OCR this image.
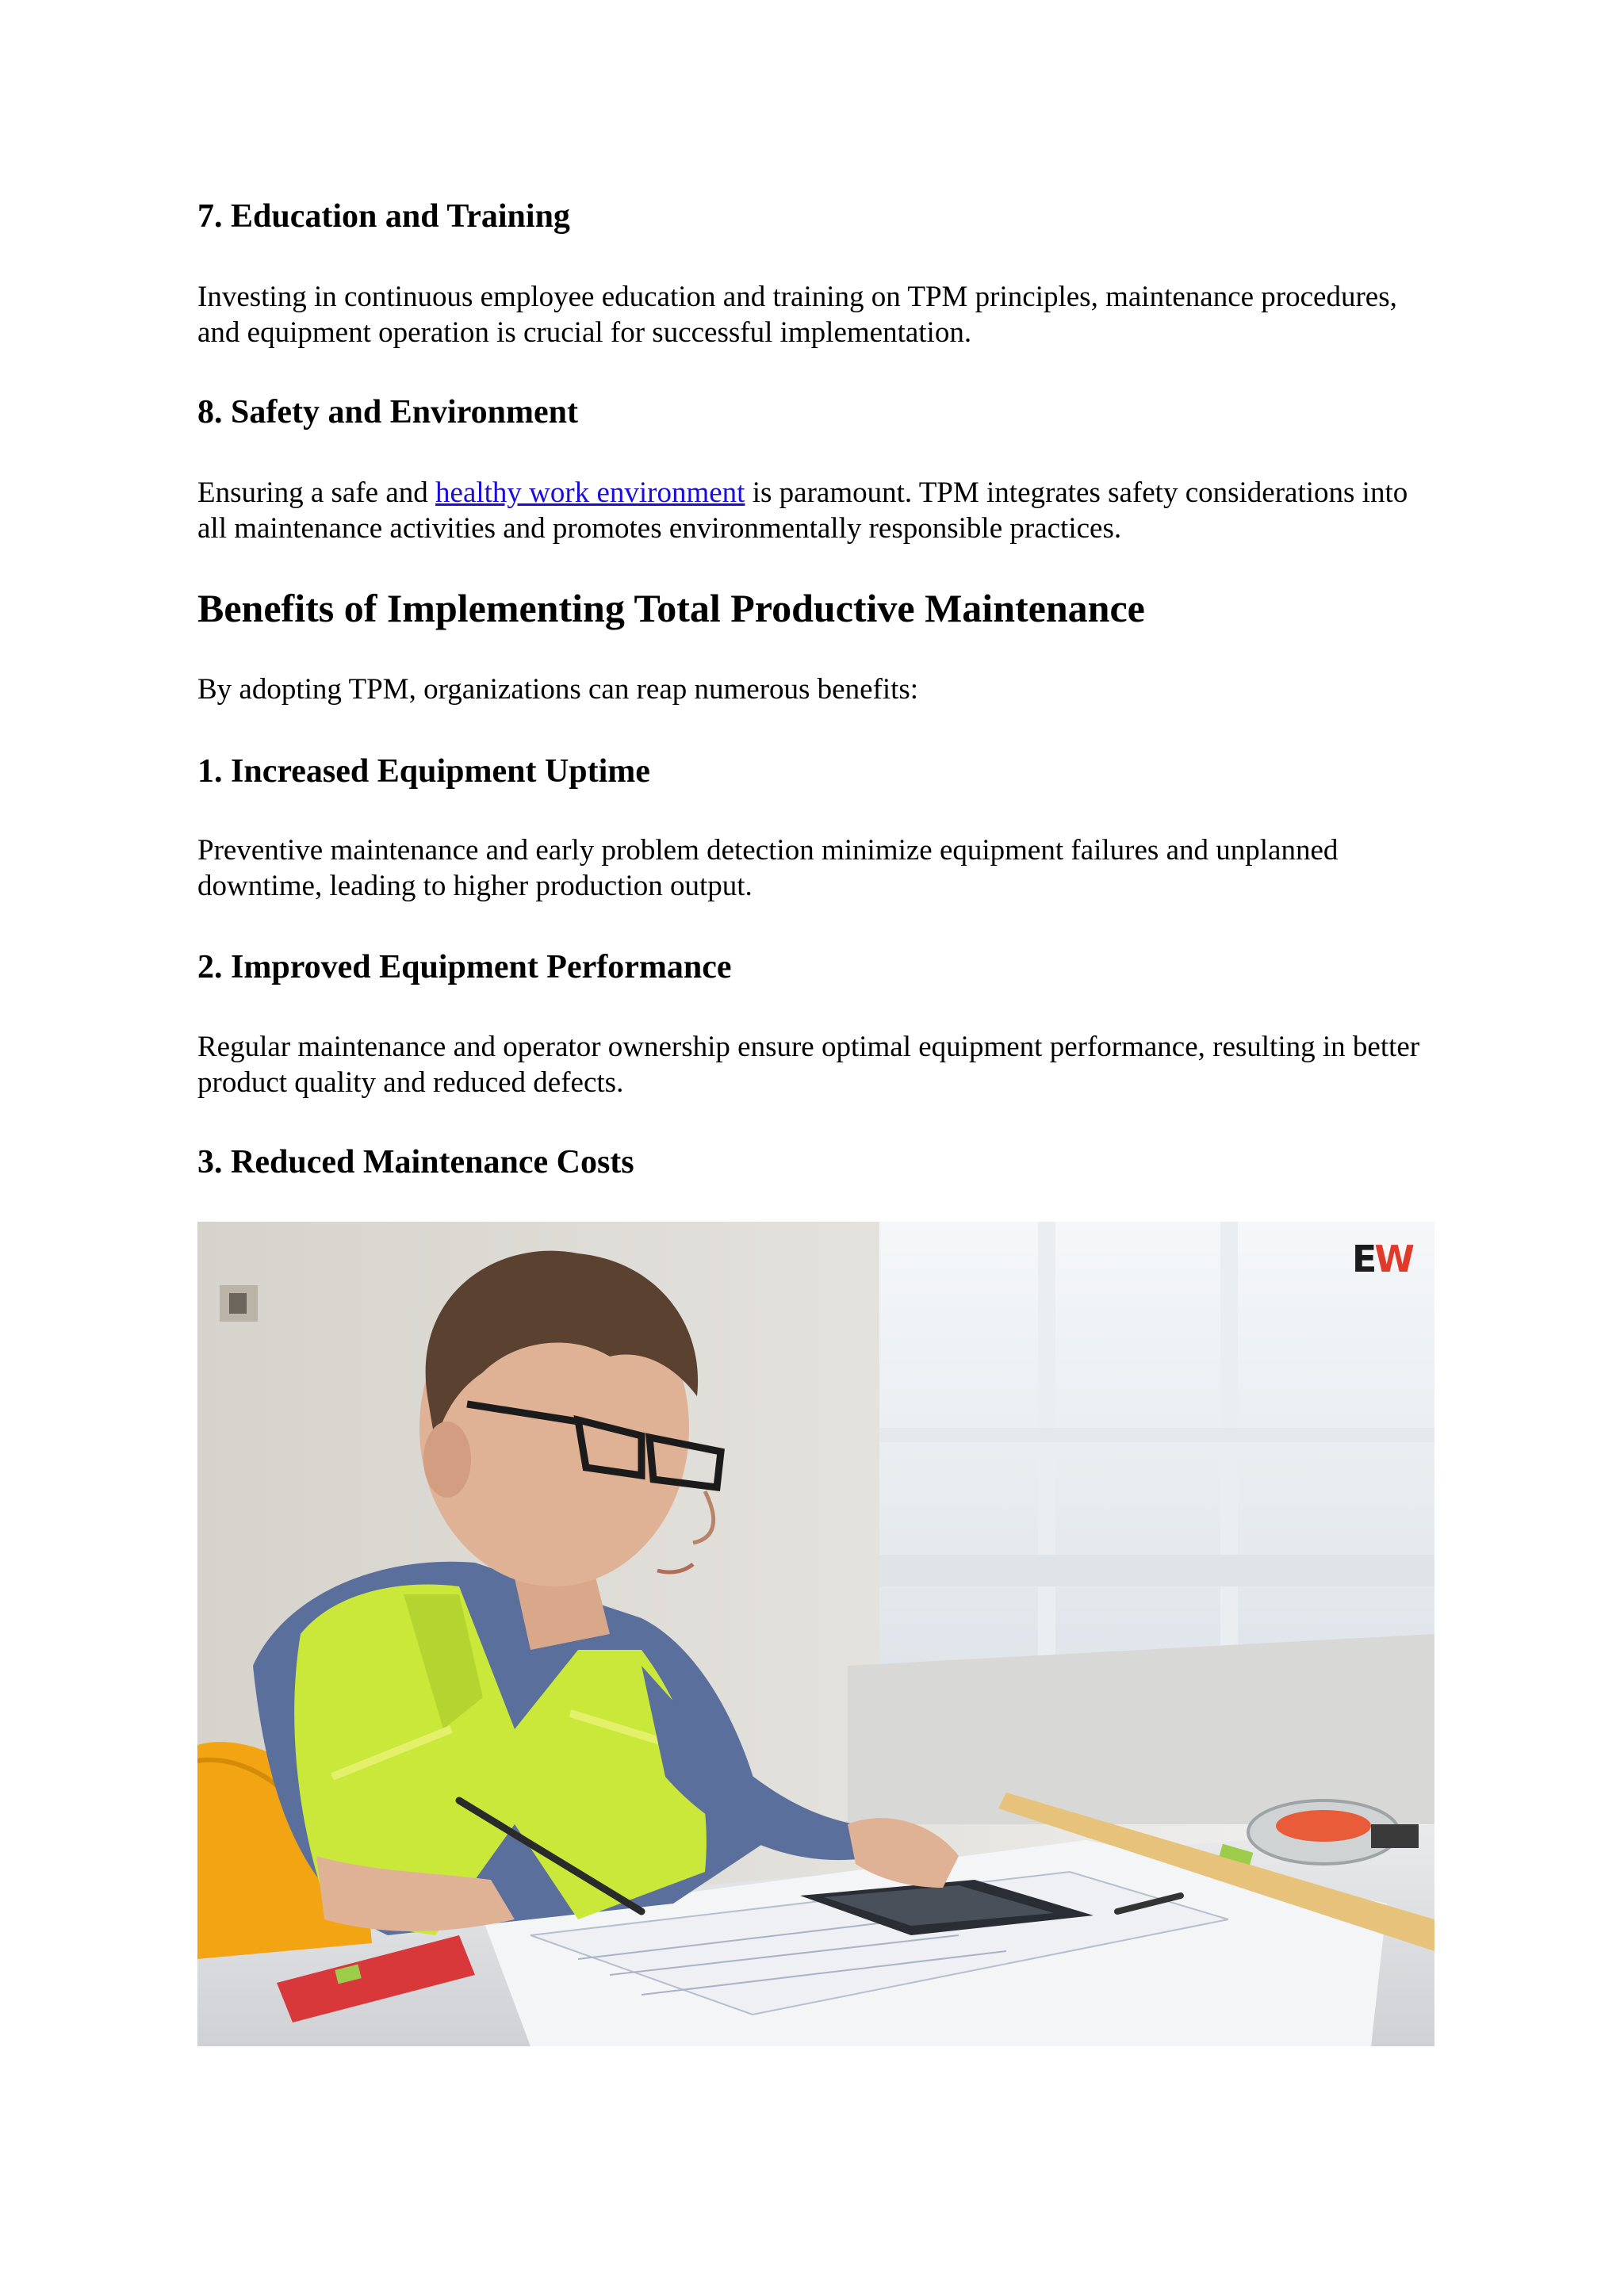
7. Education and Training

Investing in continuous employee education and training on TPM principles, maintenance procedures, and equipment operation is crucial for successful implementation.

8. Safety and Environment

Ensuring a safe and healthy work environment is paramount. TPM integrates safety considerations into all maintenance activities and promotes environmentally responsible practices.

Benefits of Implementing Total Productive Maintenance

By adopting TPM, organizations can reap numerous benefits:

1. Increased Equipment Uptime

Preventive maintenance and early problem detection minimize equipment failures and unplanned downtime, leading to higher production output.

2. Improved Equipment Performance

Regular maintenance and operator ownership ensure optimal equipment performance, resulting in better product quality and reduced defects.

3. Reduced Maintenance Costs
EW
